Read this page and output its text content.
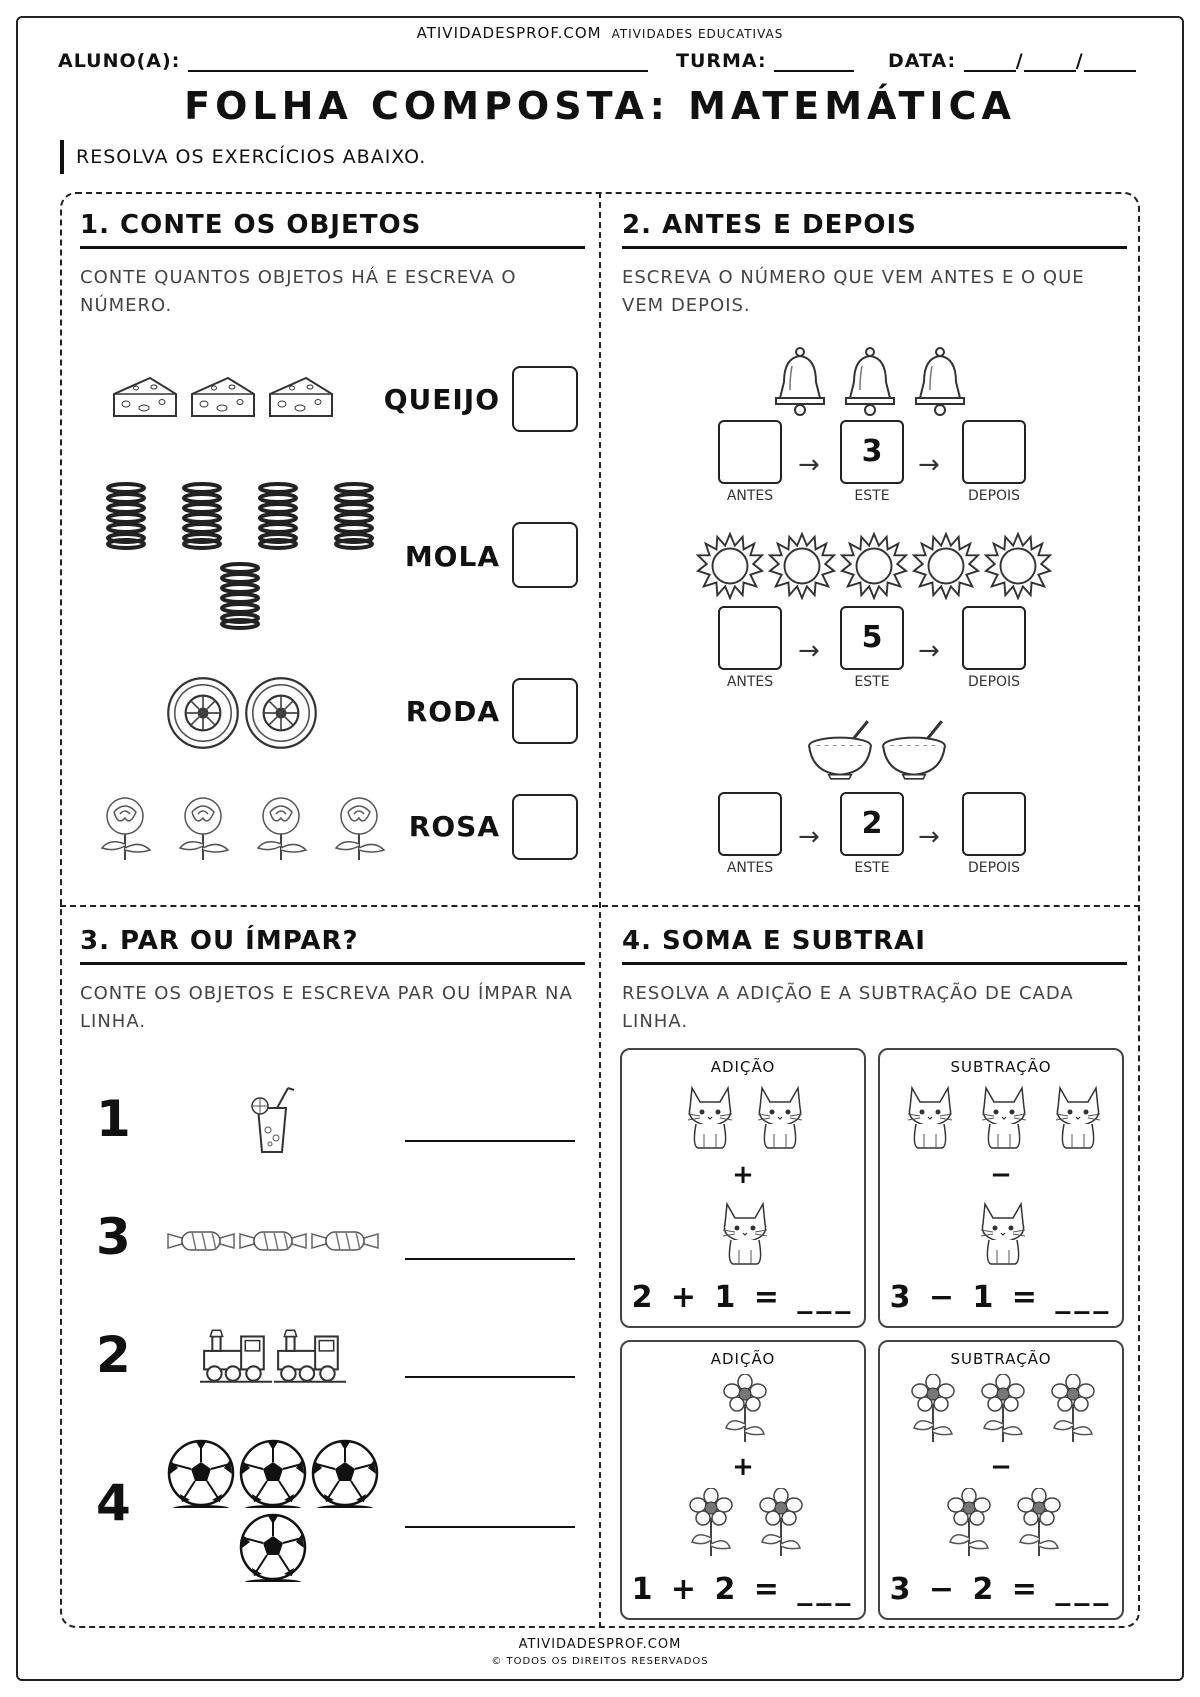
ATIVIDADESPROF.COM ATIVIDADES EDUCATIVAS
ALUNO(A):	TURMA:	DATA:	/	/
FOLHA COMPOSTA: MATEMÁTICA
RESOLVA OS EXERCÍCIOS ABAIXO.
1. CONTE OS OBJETOS
CONTE QUANTOS OBJETOS HÁ E ESCREVA O NÚMERO.
QUEIJO
MOLA
RODA
ROSA
2. ANTES E DEPOIS
ESCREVA O NÚMERO QUE VEM ANTES E O QUE VEM DEPOIS.
→	3	→
ANTES	ESTE	DEPOIS
→	5	→
ANTES	ESTE	DEPOIS
→	2	→
ANTES	ESTE	DEPOIS
3. PAR OU ÍMPAR?
CONTE OS OBJETOS E ESCREVA PAR OU ÍMPAR NA LINHA.
1
3
2
4
4. SOMA E SUBTRAI
RESOLVA A ADIÇÃO E A SUBTRAÇÃO DE CADA LINHA.
ADIÇÃO
+
2 + 1 = ___
SUBTRAÇÃO
−
3 − 1 = ___
ADIÇÃO
+
1 + 2 = ___
SUBTRAÇÃO
−
3 − 2 = ___
ATIVIDADESPROF.COM
© TODOS OS DIREITOS RESERVADOS
